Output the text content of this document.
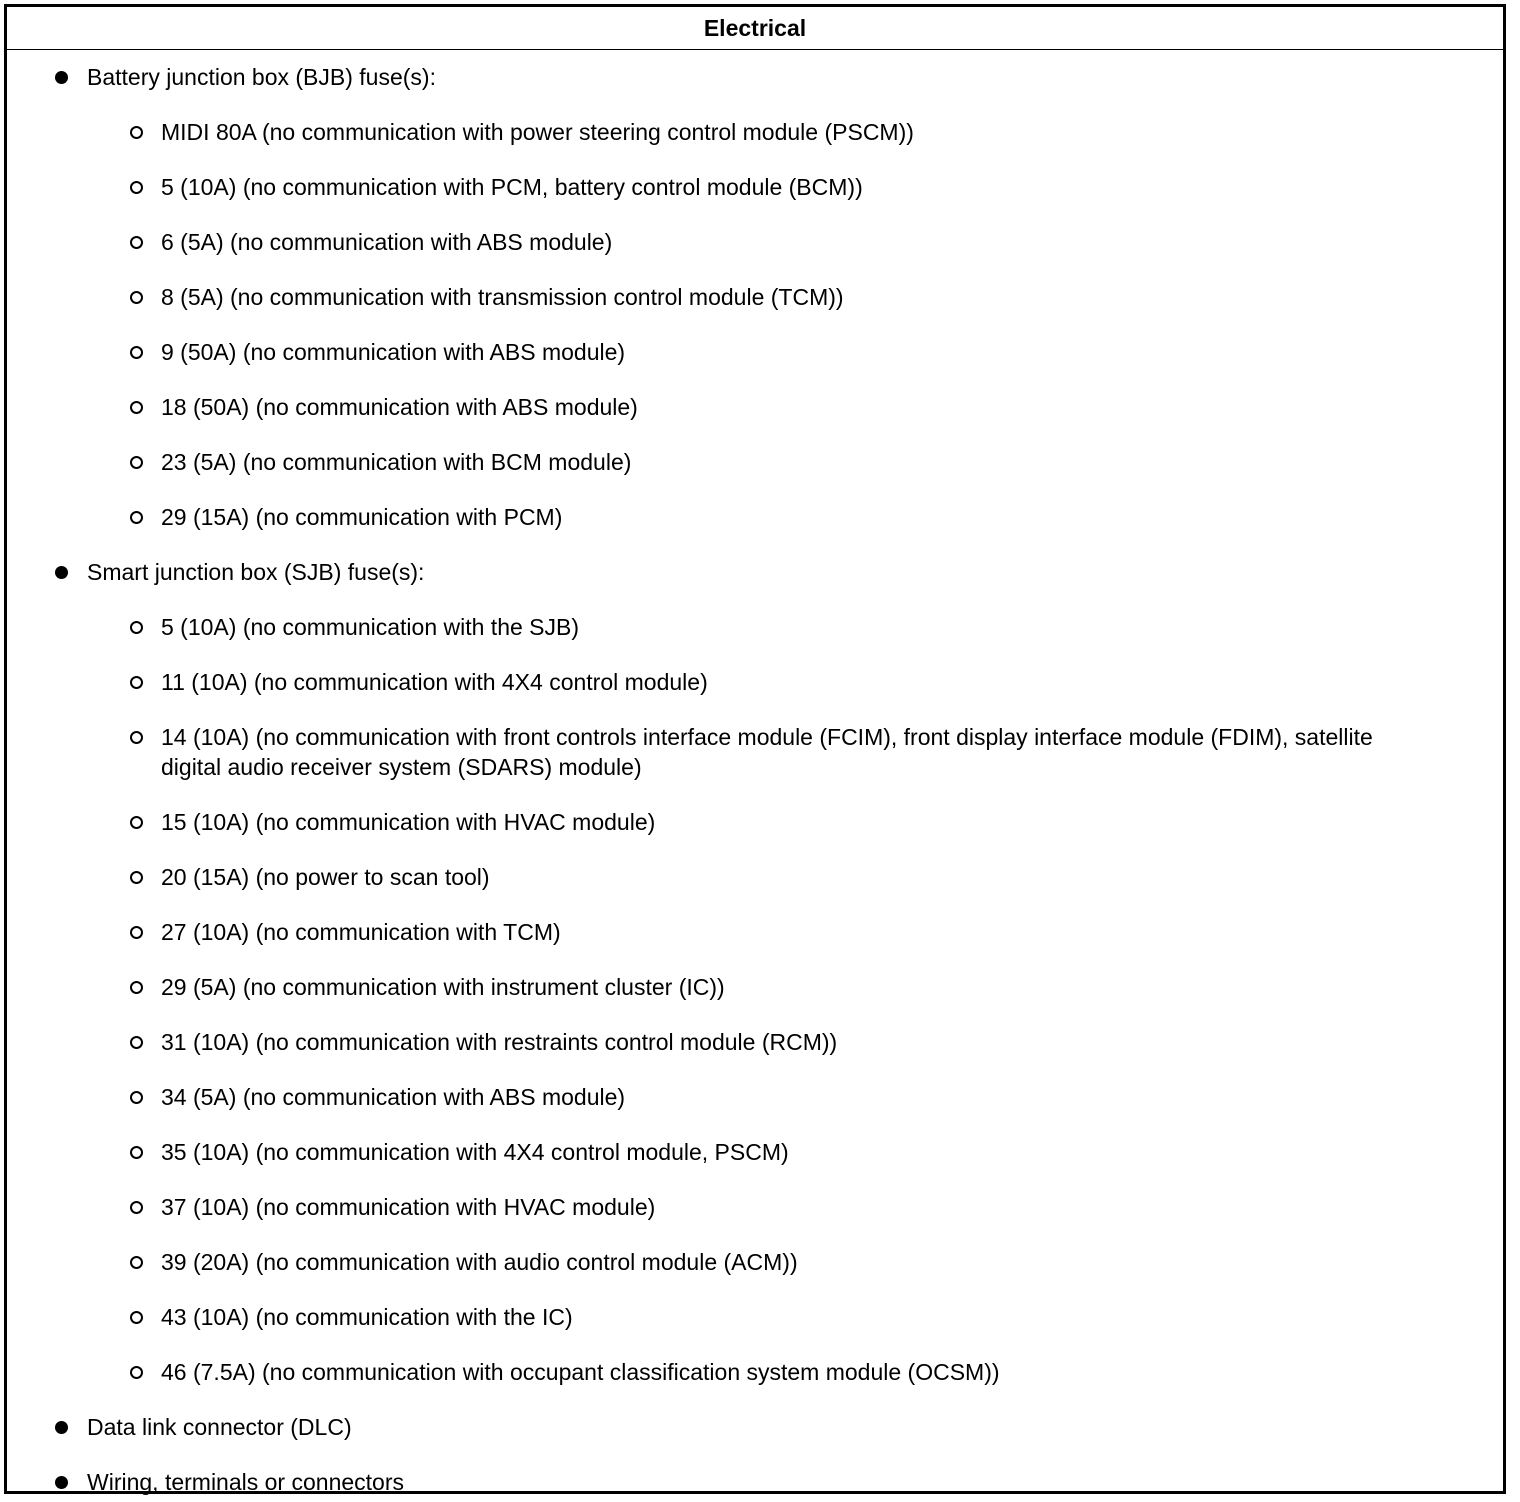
Electrical
Battery junction box (BJB) fuse(s):
MIDI 80A (no communication with power steering control module (PSCM))
5 (10A) (no communication with PCM, battery control module (BCM))
6 (5A) (no communication with ABS module)
8 (5A) (no communication with transmission control module (TCM))
9 (50A) (no communication with ABS module)
18 (50A) (no communication with ABS module)
23 (5A) (no communication with BCM module)
29 (15A) (no communication with PCM)
Smart junction box (SJB) fuse(s):
5 (10A) (no communication with the SJB)
11 (10A) (no communication with 4X4 control module)
14 (10A) (no communication with front controls interface module (FCIM), front display interface module (FDIM), satellite digital audio receiver system (SDARS) module)
15 (10A) (no communication with HVAC module)
20 (15A) (no power to scan tool)
27 (10A) (no communication with TCM)
29 (5A) (no communication with instrument cluster (IC))
31 (10A) (no communication with restraints control module (RCM))
34 (5A) (no communication with ABS module)
35 (10A) (no communication with 4X4 control module, PSCM)
37 (10A) (no communication with HVAC module)
39 (20A) (no communication with audio control module (ACM))
43 (10A) (no communication with the IC)
46 (7.5A) (no communication with occupant classification system module (OCSM))
Data link connector (DLC)
Wiring, terminals or connectors
